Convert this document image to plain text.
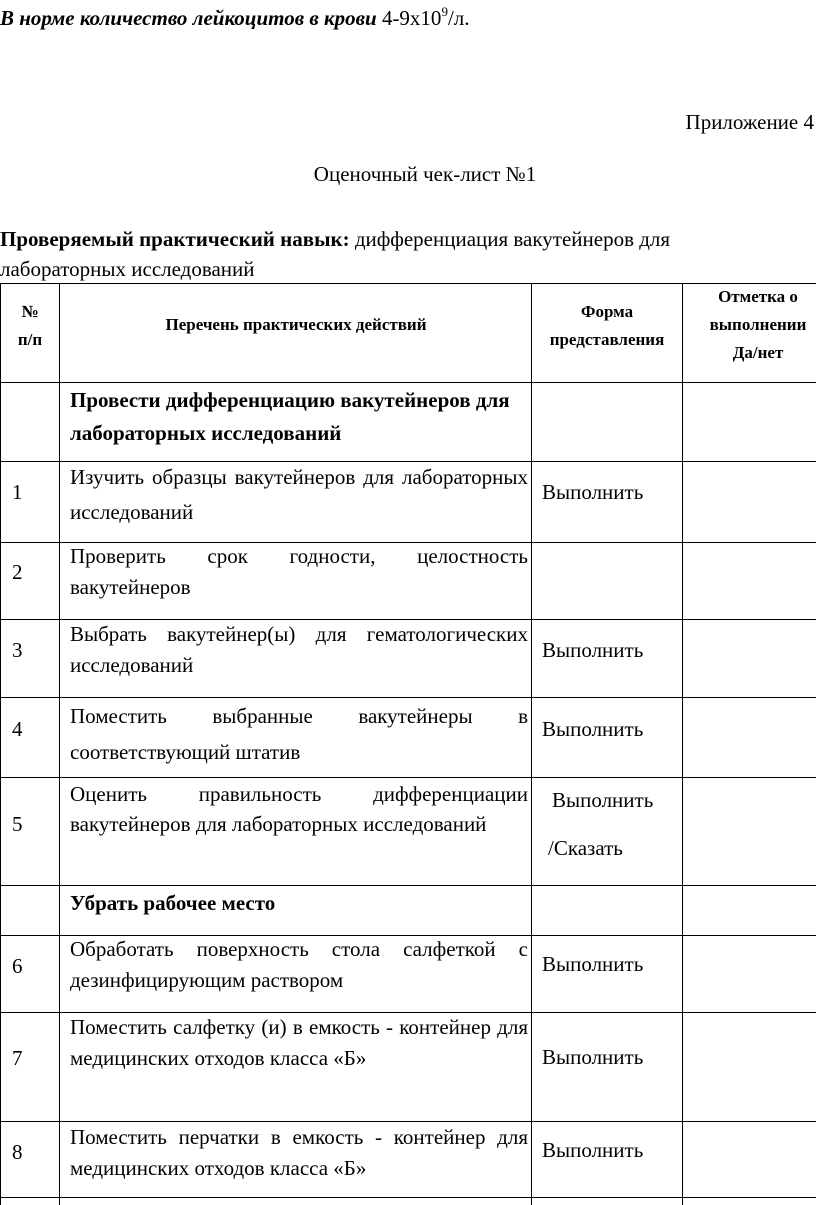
В норме количество лейкоцитов в крови $4-9х10^9/л$.
Приложение 4
Оценочный чек-лист №1
Проверяемый практический навык: дифференциация вакутейнеров для лабораторных исследований
№
п/п
Перечень практических действий
Форма
представления
Отметка о
выполнении
Да/нет
Провести дифференциацию вакутейнеров для лабораторных исследований
1
Изучить образцы вакутейнеров для лабораторных исследований
Выполнить
2
Проверить срок годности, целостность вакутейнеров
3
Выбрать вакутейнер(ы) для гематологических исследований
Выполнить
4
Поместить выбранные вакутейнеры в соответствующий штатив
Выполнить
5
Оценить правильность дифференциации вакутейнеров для лабораторных исследований
Выполнить
/Сказать
Убрать рабочее место
6
Обработать поверхность стола салфеткой с дезинфицирующим раствором
Выполнить
7
Поместить салфетку (и) в емкость - контейнер для медицинских отходов класса «Б»	Выполнить
8
Поместить перчатки в емкость - контейнер для медицинских отходов класса «Б»
Выполнить
